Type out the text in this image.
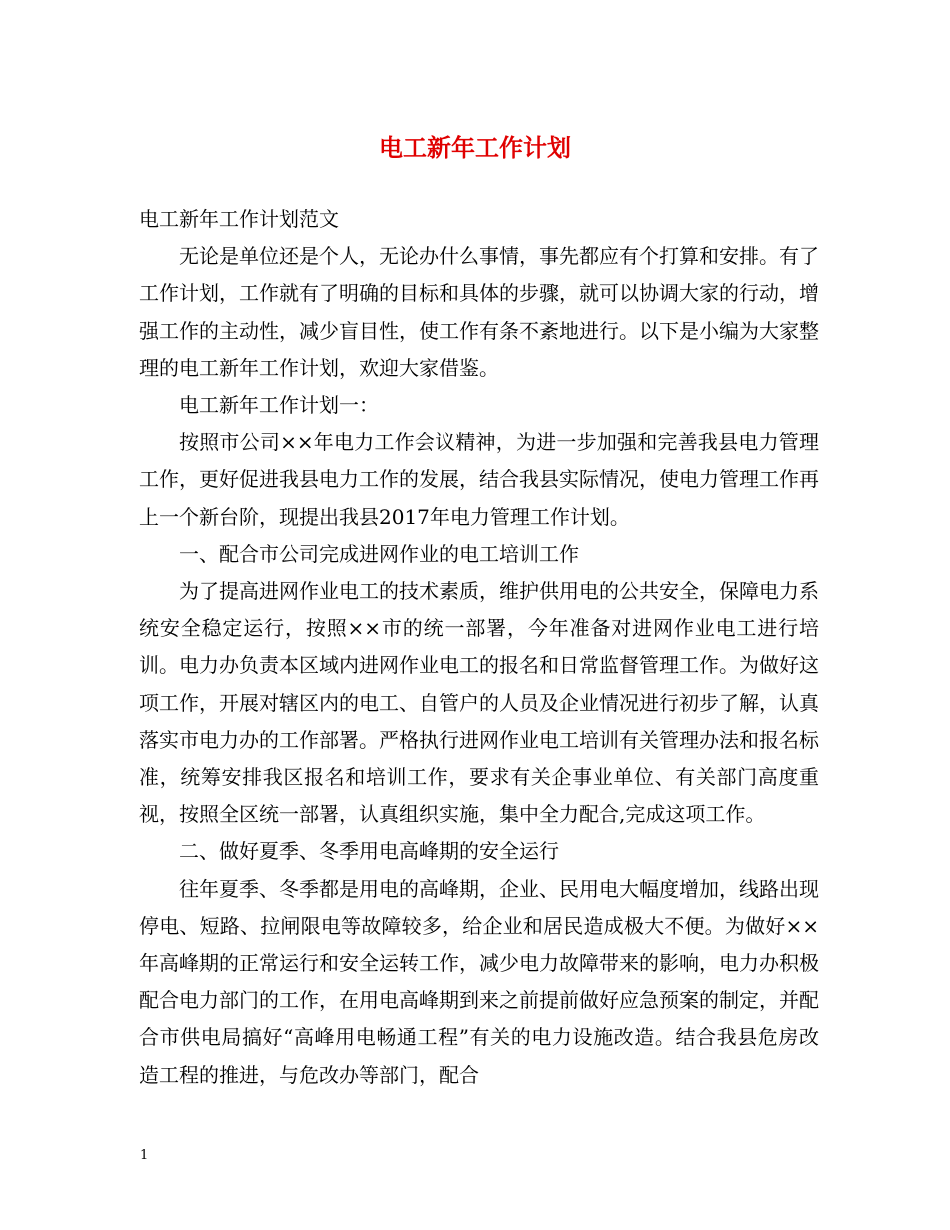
电工新年工作计划

电工新年工作计划范文

无论是单位还是个人，无论办什么事情，事先都应有个打算和安排。有了工作计划，工作就有了明确的目标和具体的步骤，就可以协调大家的行动，增强工作的主动性，减少盲目性，使工作有条不紊地进行。以下是小编为大家整理的电工新年工作计划，欢迎大家借鉴。

电工新年工作计划一：

按照市公司××年电力工作会议精神，为进一步加强和完善我县电力管理工作，更好促进我县电力工作的发展，结合我县实际情况，使电力管理工作再上一个新台阶，现提出我县2017年电力管理工作计划。

一、配合市公司完成进网作业的电工培训工作

为了提高进网作业电工的技术素质，维护供用电的公共安全，保障电力系统安全稳定运行，按照××市的统一部署，今年准备对进网作业电工进行培训。电力办负责本区域内进网作业电工的报名和日常监督管理工作。为做好这项工作，开展对辖区内的电工、自管户的人员及企业情况进行初步了解，认真落实市电力办的工作部署。严格执行进网作业电工培训有关管理办法和报名标准，统筹安排我区报名和培训工作，要求有关企事业单位、有关部门高度重视，按照全区统一部署，认真组织实施，集中全力配合,完成这项工作。

二、做好夏季、冬季用电高峰期的安全运行

往年夏季、冬季都是用电的高峰期，企业、民用电大幅度增加，线路出现停电、短路、拉闸限电等故障较多，给企业和居民造成极大不便。为做好××年高峰期的正常运行和安全运转工作，减少电力故障带来的影响，电力办积极配合电力部门的工作，在用电高峰期到来之前提前做好应急预案的制定，并配合市供电局搞好“高峰用电畅通工程”有关的电力设施改造。结合我县危房改造工程的推进，与危改办等部门，配合

1
